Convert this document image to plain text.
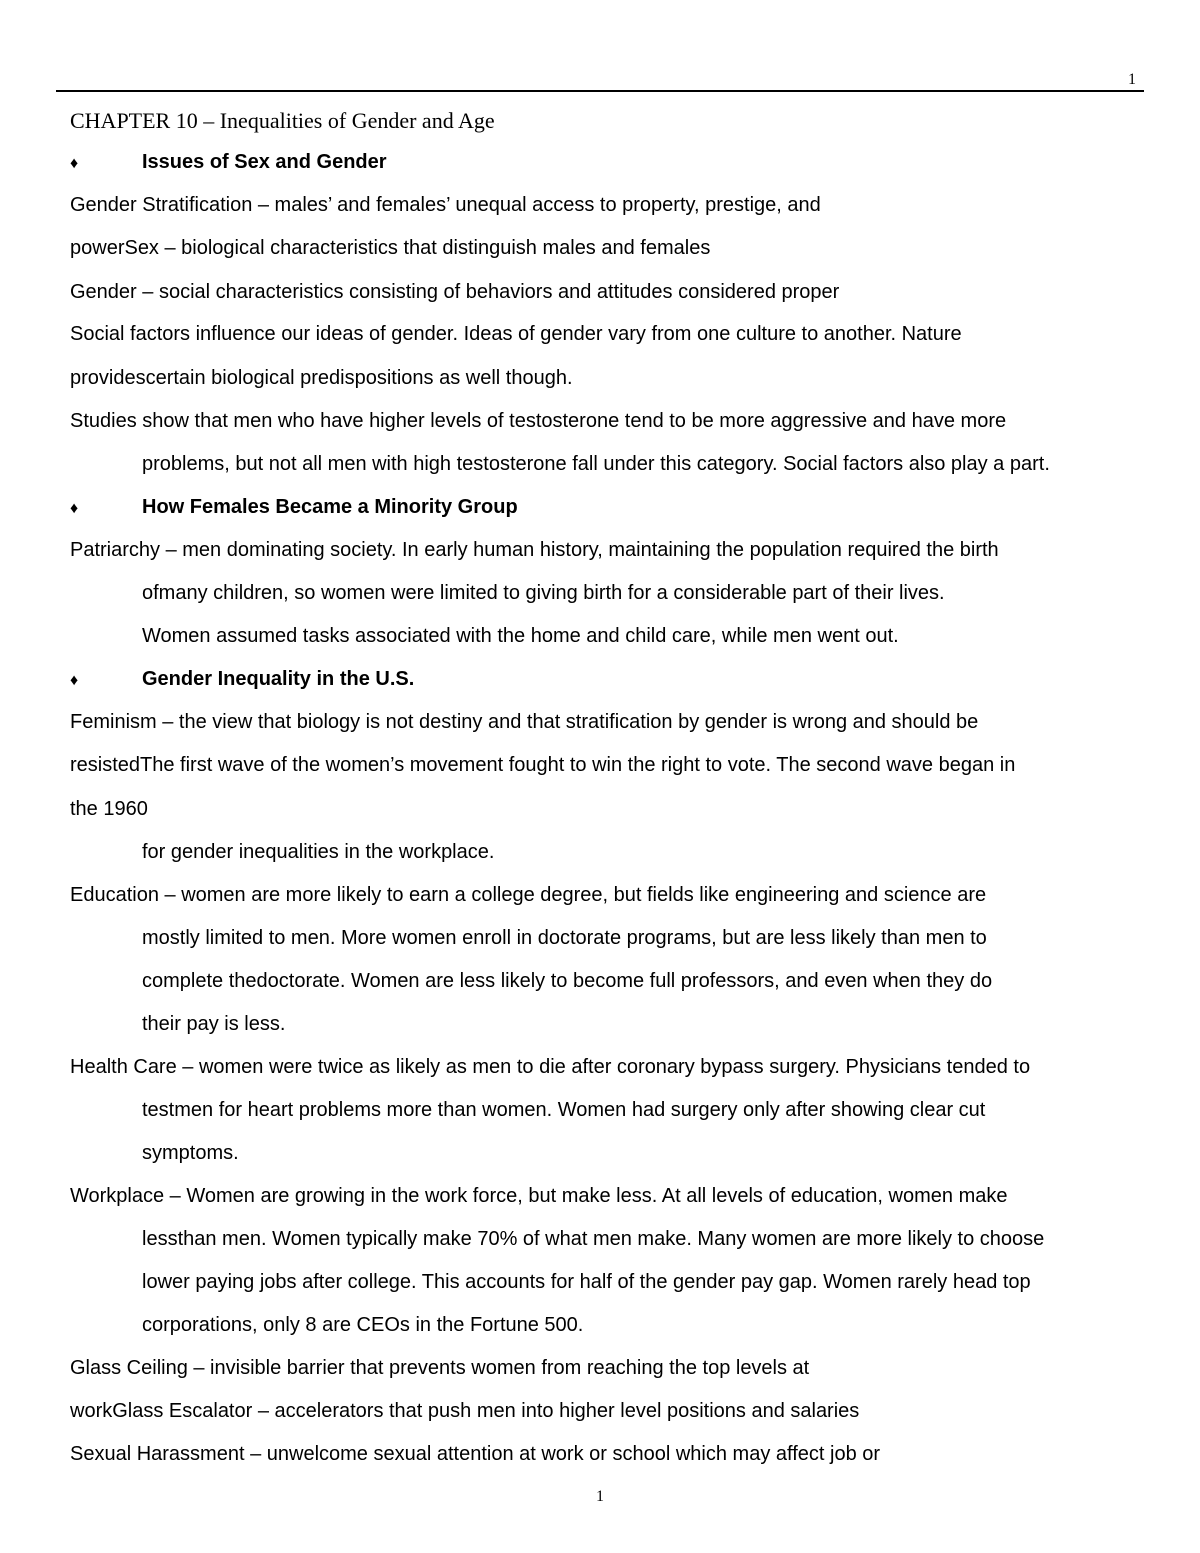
1
CHAPTER 10 – Inequalities of Gender and Age
♦	Issues of Sex and Gender
Gender Stratification – males’ and females’ unequal access to property, prestige, and
powerSex – biological characteristics that distinguish males and females
Gender – social characteristics consisting of behaviors and attitudes considered proper
Social factors influence our ideas of gender. Ideas of gender vary from one culture to another. Nature
providescertain biological predispositions as well though.
Studies show that men who have higher levels of testosterone tend to be more aggressive and have more
problems, but not all men with high testosterone fall under this category. Social factors also play a part.
♦	How Females Became a Minority Group
Patriarchy – men dominating society. In early human history, maintaining the population required the birth
ofmany children, so women were limited to giving birth for a considerable part of their lives.
Women assumed tasks associated with the home and child care, while men went out.
♦	Gender Inequality in the U.S.
Feminism – the view that biology is not destiny and that stratification by gender is wrong and should be
resistedThe first wave of the women’s movement fought to win the right to vote. The second wave began in
the 1960
for gender inequalities in the workplace.
Education – women are more likely to earn a college degree, but fields like engineering and science are
mostly limited to men. More women enroll in doctorate programs, but are less likely than men to
complete thedoctorate. Women are less likely to become full professors, and even when they do
their pay is less.
Health Care – women were twice as likely as men to die after coronary bypass surgery. Physicians tended to
testmen for heart problems more than women. Women had surgery only after showing clear cut
symptoms.
Workplace – Women are growing in the work force, but make less. At all levels of education, women make
lessthan men. Women typically make 70% of what men make. Many women are more likely to choose
lower paying jobs after college. This accounts for half of the gender pay gap. Women rarely head top
corporations, only 8 are CEOs in the Fortune 500.
Glass Ceiling – invisible barrier that prevents women from reaching the top levels at
workGlass Escalator – accelerators that push men into higher level positions and salaries
Sexual Harassment – unwelcome sexual attention at work or school which may affect job or
1
